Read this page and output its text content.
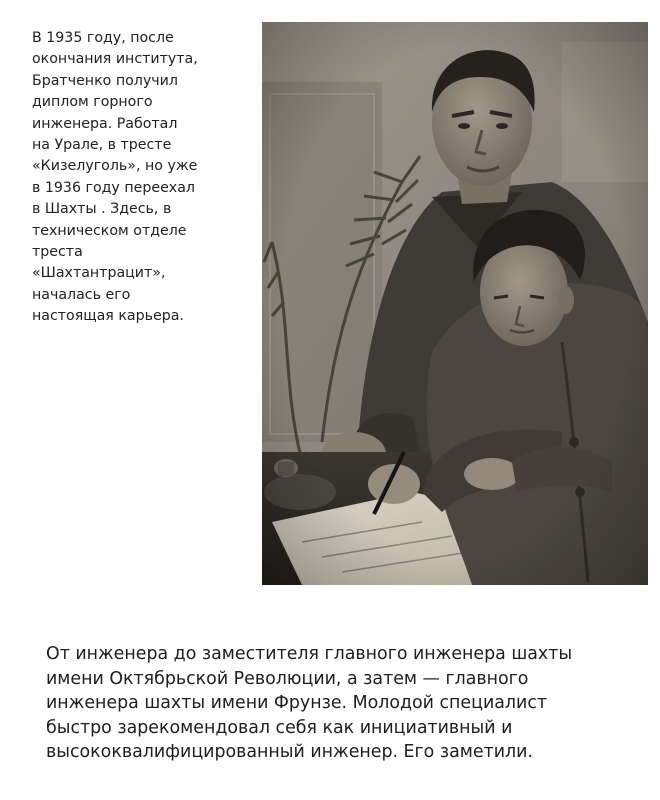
В 1935 году, после
окончания института,
Братченко получил
диплом горного
инженера. Работал
на Урале, в тресте
«Кизелуголь», но уже
в 1936 году переехал
в Шахты . Здесь, в
техническом отделе
треста
«Шахтантрацит»,
началась его
настоящая карьера.
От инженера до заместителя главного инженера шахты
имени Октябрьской Революции, а затем — главного
инженера шахты имени Фрунзе. Молодой специалист
быстро зарекомендовал себя как инициативный и
высококвалифицированный инженер. Его заметили.
